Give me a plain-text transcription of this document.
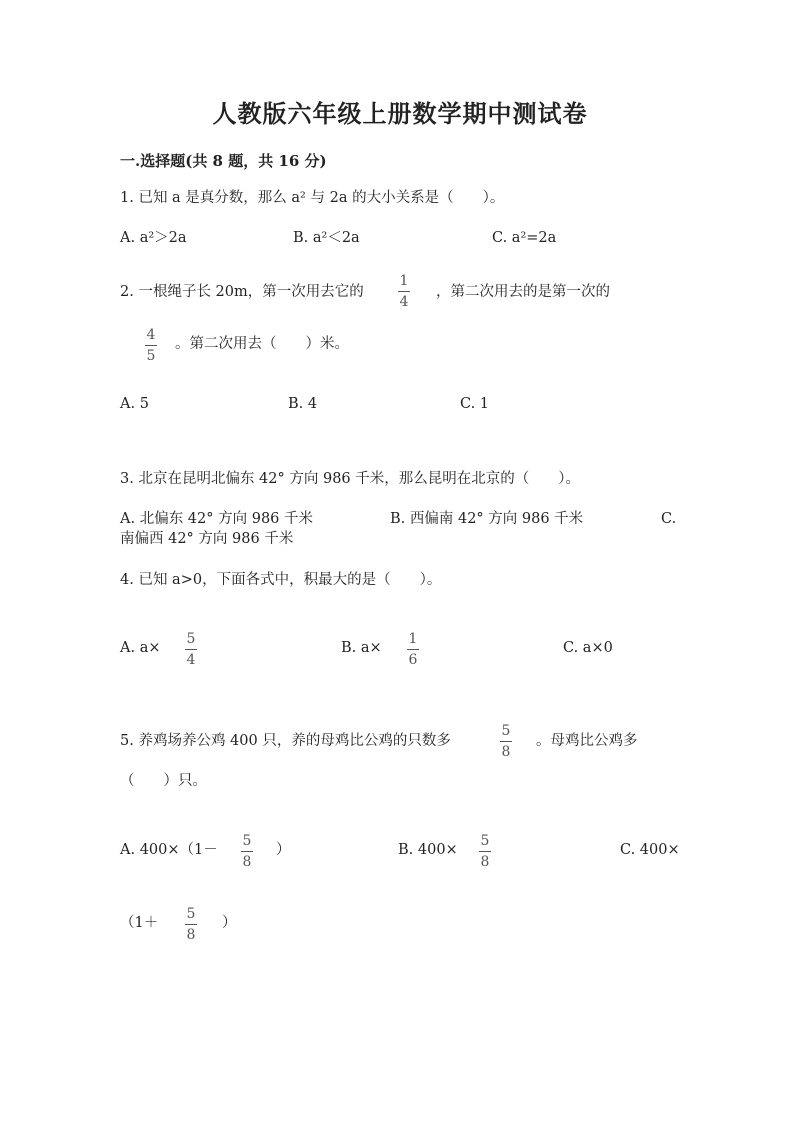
人教版六年级上册数学期中测试卷
一.选择题(共 8 题，共 16 分)
1. 已知 a 是真分数，那么 a² 与 2a 的大小关系是（　　）。
A. a²＞2a	B. a²＜2a	C. a²=2a
2. 一根绳子长 20m，第一次用去它的
1
4
，第二次用去的是第一次的
4
5
。第二次用去（　　）米。
A. 5	B. 4	C. 1
3. 北京在昆明北偏东 42° 方向 986 千米，那么昆明在北京的（　　）。
A. 北偏东 42° 方向 986 千米	B. 西偏南 42° 方向 986 千米	C.
南偏西 42° 方向 986 千米
4. 已知 a>0，下面各式中，积最大的是（　　）。
A. a×
5
4
B. a×
1
6
C. a×0
5. 养鸡场养公鸡 400 只，养的母鸡比公鸡的只数多
5
8
。母鸡比公鸡多
（　　）只。
A. 400×（1－
5
8
）	B. 400×
5
8
C. 400×
（1＋
5
8
）
